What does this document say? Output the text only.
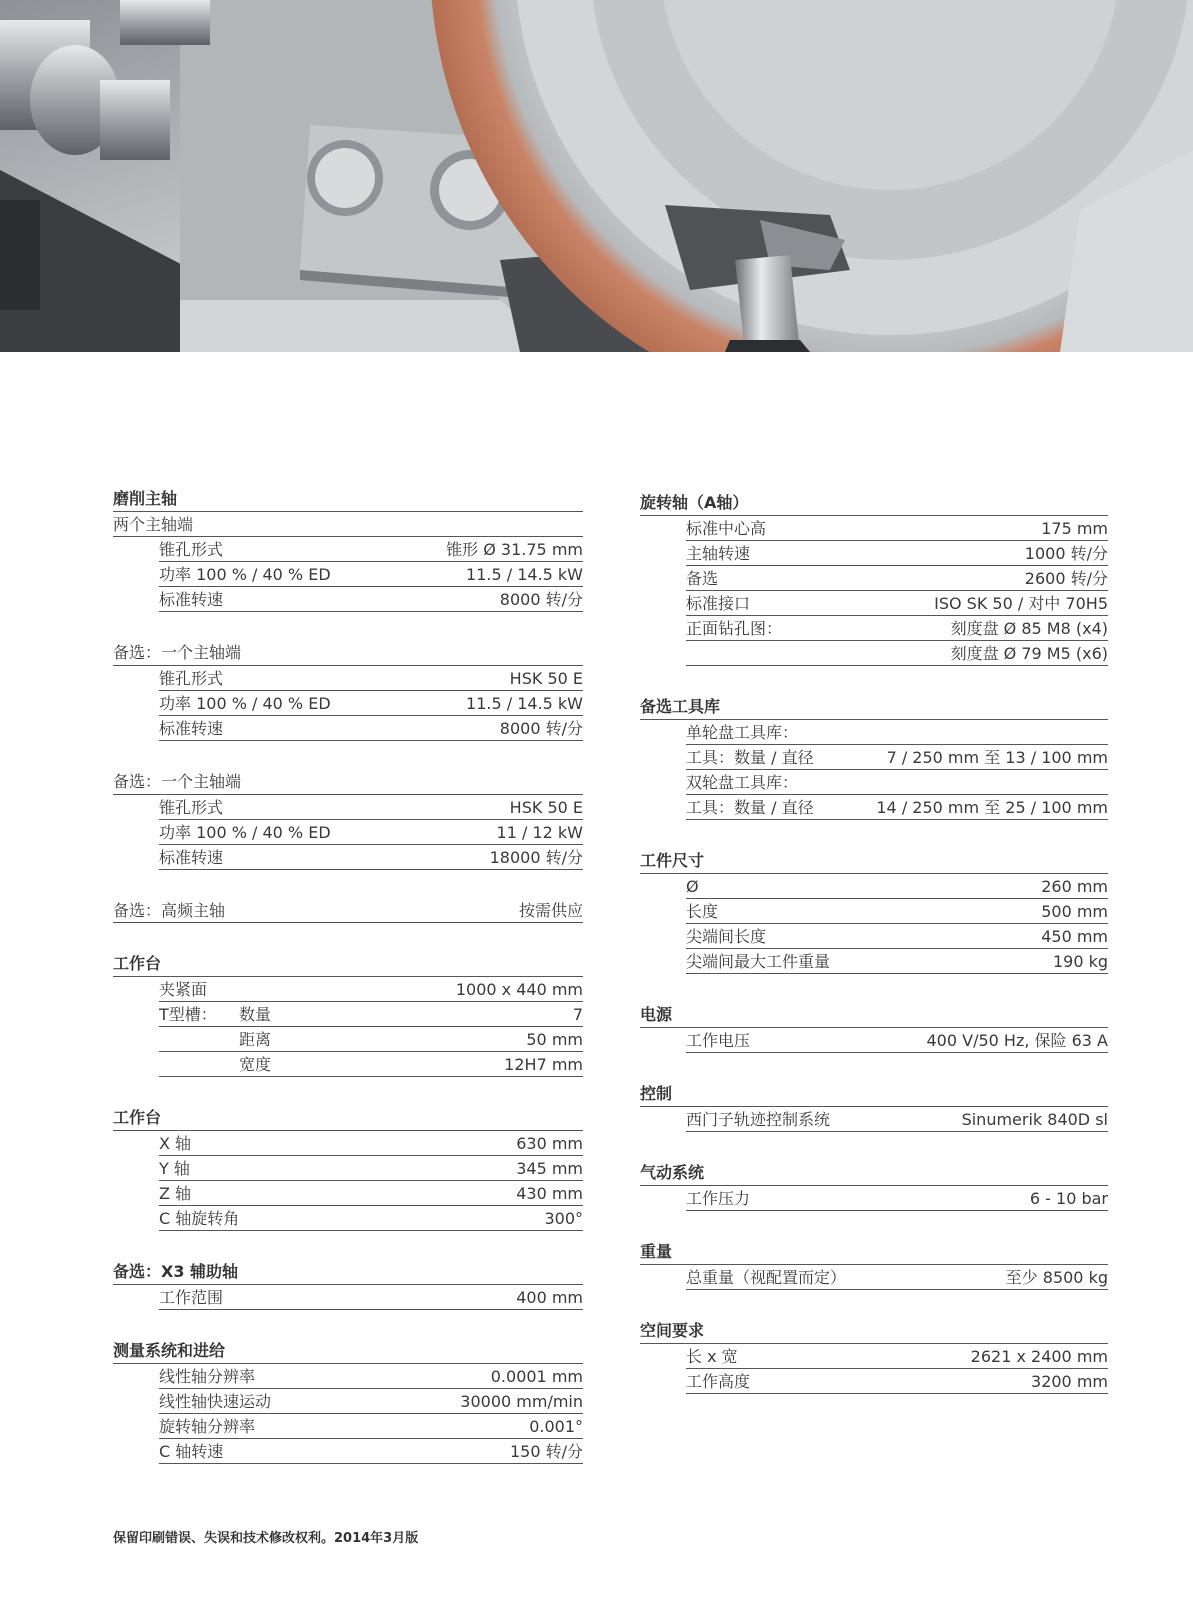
磨削主轴
两个主轴端
锥孔形式	锥形 Ø 31.75 mm
功率 100 % / 40 % ED	11.5 / 14.5 kW
标准转速	8000 转/分
备选：一个主轴端
锥孔形式	HSK 50 E
功率 100 % / 40 % ED	11.5 / 14.5 kW
标准转速	8000 转/分
备选：一个主轴端
锥孔形式	HSK 50 E
功率 100 % / 40 % ED	11 / 12 kW
标准转速	18000 转/分
备选：高频主轴	按需供应
工作台
夹紧面	1000 x 440 mm
T型槽：	数量	7
距离	50 mm
宽度	12H7 mm
工作台
X 轴	630 mm
Y 轴	345 mm
Z 轴	430 mm
C 轴旋转角	300°
备选：X3 辅助轴
工作范围	400 mm
测量系统和进给
线性轴分辨率	0.0001 mm
线性轴快速运动	30000 mm/min
旋转轴分辨率	0.001°
C 轴转速	150 转/分
旋转轴（A轴）
标准中心高	175 mm
主轴转速	1000 转/分
备选	2600 转/分
标准接口	ISO SK 50 / 对中 70H5
正面钻孔图：	刻度盘 Ø 85 M8 (x4)
刻度盘 Ø 79 M5 (x6)
备选工具库
单轮盘工具库：
工具：数量 / 直径	7 / 250 mm 至 13 / 100 mm
双轮盘工具库：
工具：数量 / 直径	14 / 250 mm 至 25 / 100 mm
工件尺寸
Ø	260 mm
长度	500 mm
尖端间长度	450 mm
尖端间最大工件重量	190 kg
电源
工作电压	400 V/50 Hz, 保险 63 A
控制
西门子轨迹控制系统	Sinumerik 840D sl
气动系统
工作压力	6 - 10 bar
重量
总重量（视配置而定）	至少 8500 kg
空间要求
长 x 宽	2621 x 2400 mm
工作高度	3200 mm
保留印刷错误、失误和技术修改权利。2014年3月版
